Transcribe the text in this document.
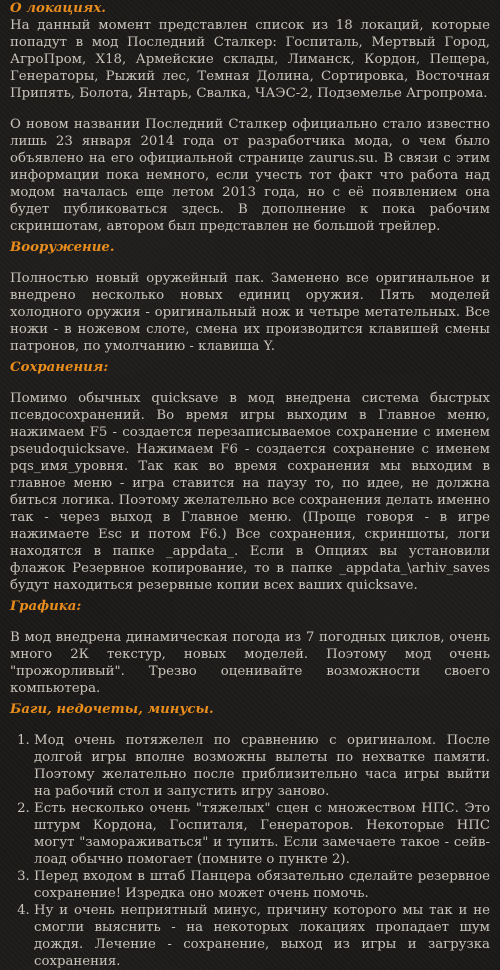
О локациях.

На данный момент представлен список из 18 локаций, которые попадут в мод Последний Сталкер: Госпиталь, Мертвый Город, АгроПром, Х18, Армейские склады, Лиманск, Кордон, Пещера, Генераторы, Рыжий лес, Темная Долина, Сортировка, Восточная Припять, Болота, Янтарь, Свалка, ЧАЭС-2, Подземелье Агропрома.

О новом названии Последний Сталкер официально стало известно лишь 23 января 2014 года от разработчика мода, о чем было объявлено на его официальной странице zaurus.su. В связи с этим информации пока немного, если учесть тот факт что работа над модом началась еще летом 2013 года, но с её появлением она будет публиковаться здесь. В дополнение к пока рабочим скриншотам, автором был представлен не большой трейлер.

Вооружение.

Полностью новый оружейный пак. Заменено все оригинальное и внедрено несколько новых единиц оружия. Пять моделей холодного оружия - оригинальный нож и четыре метательных. Все ножи - в ножевом слоте, смена их производится клавишей смены патронов, по умолчанию - клавиша Y.

Сохранения:

Помимо обычных quicksave в мод внедрена система быстрых псевдосохранений. Во время игры выходим в Главное меню, нажимаем F5 - создается перезаписываемое сохранение с именем pseudoquicksave. Нажимаем F6 - создается сохранение с именем pqs_имя_уровня. Так как во время сохранения мы выходим в главное меню - игра ставится на паузу то, по идее, не должна биться логика. Поэтому желательно все сохранения делать именно так - через выход в Главное меню. (Проще говоря - в игре нажимаете Esc и потом F6.) Все сохранения, скриншоты, логи находятся в папке _appdata_. Если в Опциях вы установили флажок Резервное копирование, то в папке _appdata_\arhiv_saves будут находиться резервные копии всех ваших quicksave.

Графика:

В мод внедрена динамическая погода из 7 погодных циклов, очень много 2К текстур, новых моделей. Поэтому мод очень "прожорливый". Трезво оценивайте возможности своего компьютера.

Баги, недочеты, минусы.
1. Мод очень потяжелел по сравнению с оригиналом. После долгой игры вполне возможны вылеты по нехватке памяти. Поэтому желательно после приблизительно часа игры выйти на рабочий стол и запустить игру заново.
2. Есть несколько очень "тяжелых" сцен с множеством НПС. Это штурм Кордона, Госпиталя, Генераторов. Некоторые НПС могут "замораживаться" и тупить. Если замечаете такое - сейв-лоад обычно помогает (помните о пункте 2).
3. Перед входом в штаб Панцера обязательно сделайте резервное сохранение! Изредка оно может очень помочь.
4. Ну и очень неприятный минус, причину которого мы так и не смогли выяснить - на некоторых локациях пропадает шум дождя. Лечение - сохранение, выход из игры и загрузка сохранения.
